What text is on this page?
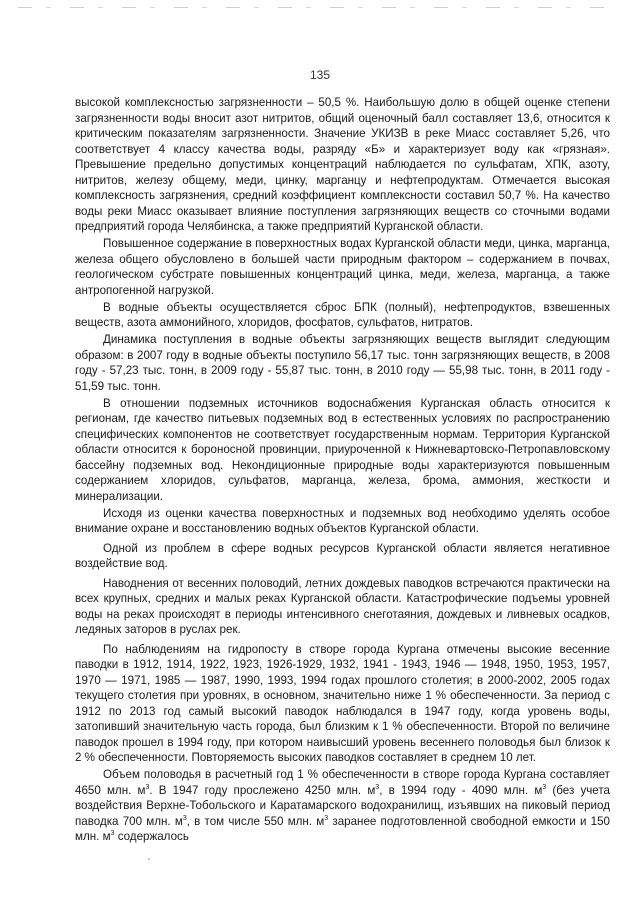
135

высокой комплексностью загрязненности – 50,5 %. Наибольшую долю в общей оценке степени загрязненности воды вносит азот нитритов, общий оценочный балл составляет 13,6, относится к критическим показателям загрязненности. Значение УКИЗВ в реке Миасс составляет 5,26, что соответствует 4 классу качества воды, разряду «Б» и характеризует воду как «грязная». Превышение предельно допустимых концентраций наблюдается по сульфатам, ХПК, азоту, нитритов, железу общему, меди, цинку, марганцу и нефтепродуктам. Отмечается высокая комплексность загрязнения, средний коэффициент комплексности составил 50,7 %. На качество воды реки Миасс оказывает влияние поступления загрязняющих веществ со сточными водами предприятий города Челябинска, а также предприятий Курганской области.

Повышенное содержание в поверхностных водах Курганской области меди, цинка, марганца, железа общего обусловлено в большей части природным фактором – содержанием в почвах, геологическом субстрате повышенных концентраций цинка, меди, железа, марганца, а также антропогенной нагрузкой.

В водные объекты осуществляется сброс БПК (полный), нефтепродуктов, взвешенных веществ, азота аммонийного, хлоридов, фосфатов, сульфатов, нитратов.

Динамика поступления в водные объекты загрязняющих веществ выглядит следующим образом: в 2007 году в водные объекты поступило 56,17 тыс. тонн загрязняющих веществ, в 2008 году - 57,23 тыс. тонн, в 2009 году - 55,87 тыс. тонн, в 2010 году — 55,98 тыс. тонн, в 2011 году - 51,59 тыс. тонн.

В отношении подземных источников водоснабжения Курганская область относится к регионам, где качество питьевых подземных вод в естественных условиях по распространению специфических компонентов не соответствует государственным нормам. Территория Курганской области относится к бороносной провинции, приуроченной к Нижневартовско-Петропавловскому бассейну подземных вод. Некондиционные природные воды характеризуются повышенным содержанием хлоридов, сульфатов, марганца, железа, брома, аммония, жесткости и минерализации.

Исходя из оценки качества поверхностных и подземных вод необходимо уделять особое внимание охране и восстановлению водных объектов Курганской области.

Одной из проблем в сфере водных ресурсов Курганской области является негативное воздействие вод.

Наводнения от весенних половодий, летних дождевых паводков встречаются практически на всех крупных, средних и малых реках Курганской области. Катастрофические подъемы уровней воды на реках происходят в периоды интенсивного снеготаяния, дождевых и ливневых осадков, ледяных заторов в руслах рек.

По наблюдениям на гидропосту в створе города Кургана отмечены высокие весенние паводки в 1912, 1914, 1922, 1923, 1926-1929, 1932, 1941 - 1943, 1946 — 1948, 1950, 1953, 1957, 1970 — 1971, 1985 — 1987, 1990, 1993, 1994 годах прошлого столетия; в 2000-2002, 2005 годах текущего столетия при уровнях, в основном, значительно ниже 1 % обеспеченности. За период с 1912 по 2013 год самый высокий паводок наблюдался в 1947 году, когда уровень воды, затопивший значительную часть города, был близким к 1 % обеспеченности. Второй по величине паводок прошел в 1994 году, при котором наивысший уровень весеннего половодья был близок к 2 % обеспеченности. Повторяемость высоких паводков составляет в среднем 10 лет.

Объем половодья в расчетный год 1 % обеспеченности в створе города Кургана составляет 4650 млн. $м^3$. В 1947 году прослежено 4250 млн. $м^3$, в 1994 году - 4090 млн. $м^3$ (без учета воздействия Верхне-Тобольского и Каратамарского водохранилищ, изъявших на пиковый период паводка 700 млн. $м^3$, в том числе 550 млн. $м^3$ заранее подготовленной свободной емкости и 150 млн. $м^3$ содержалось
